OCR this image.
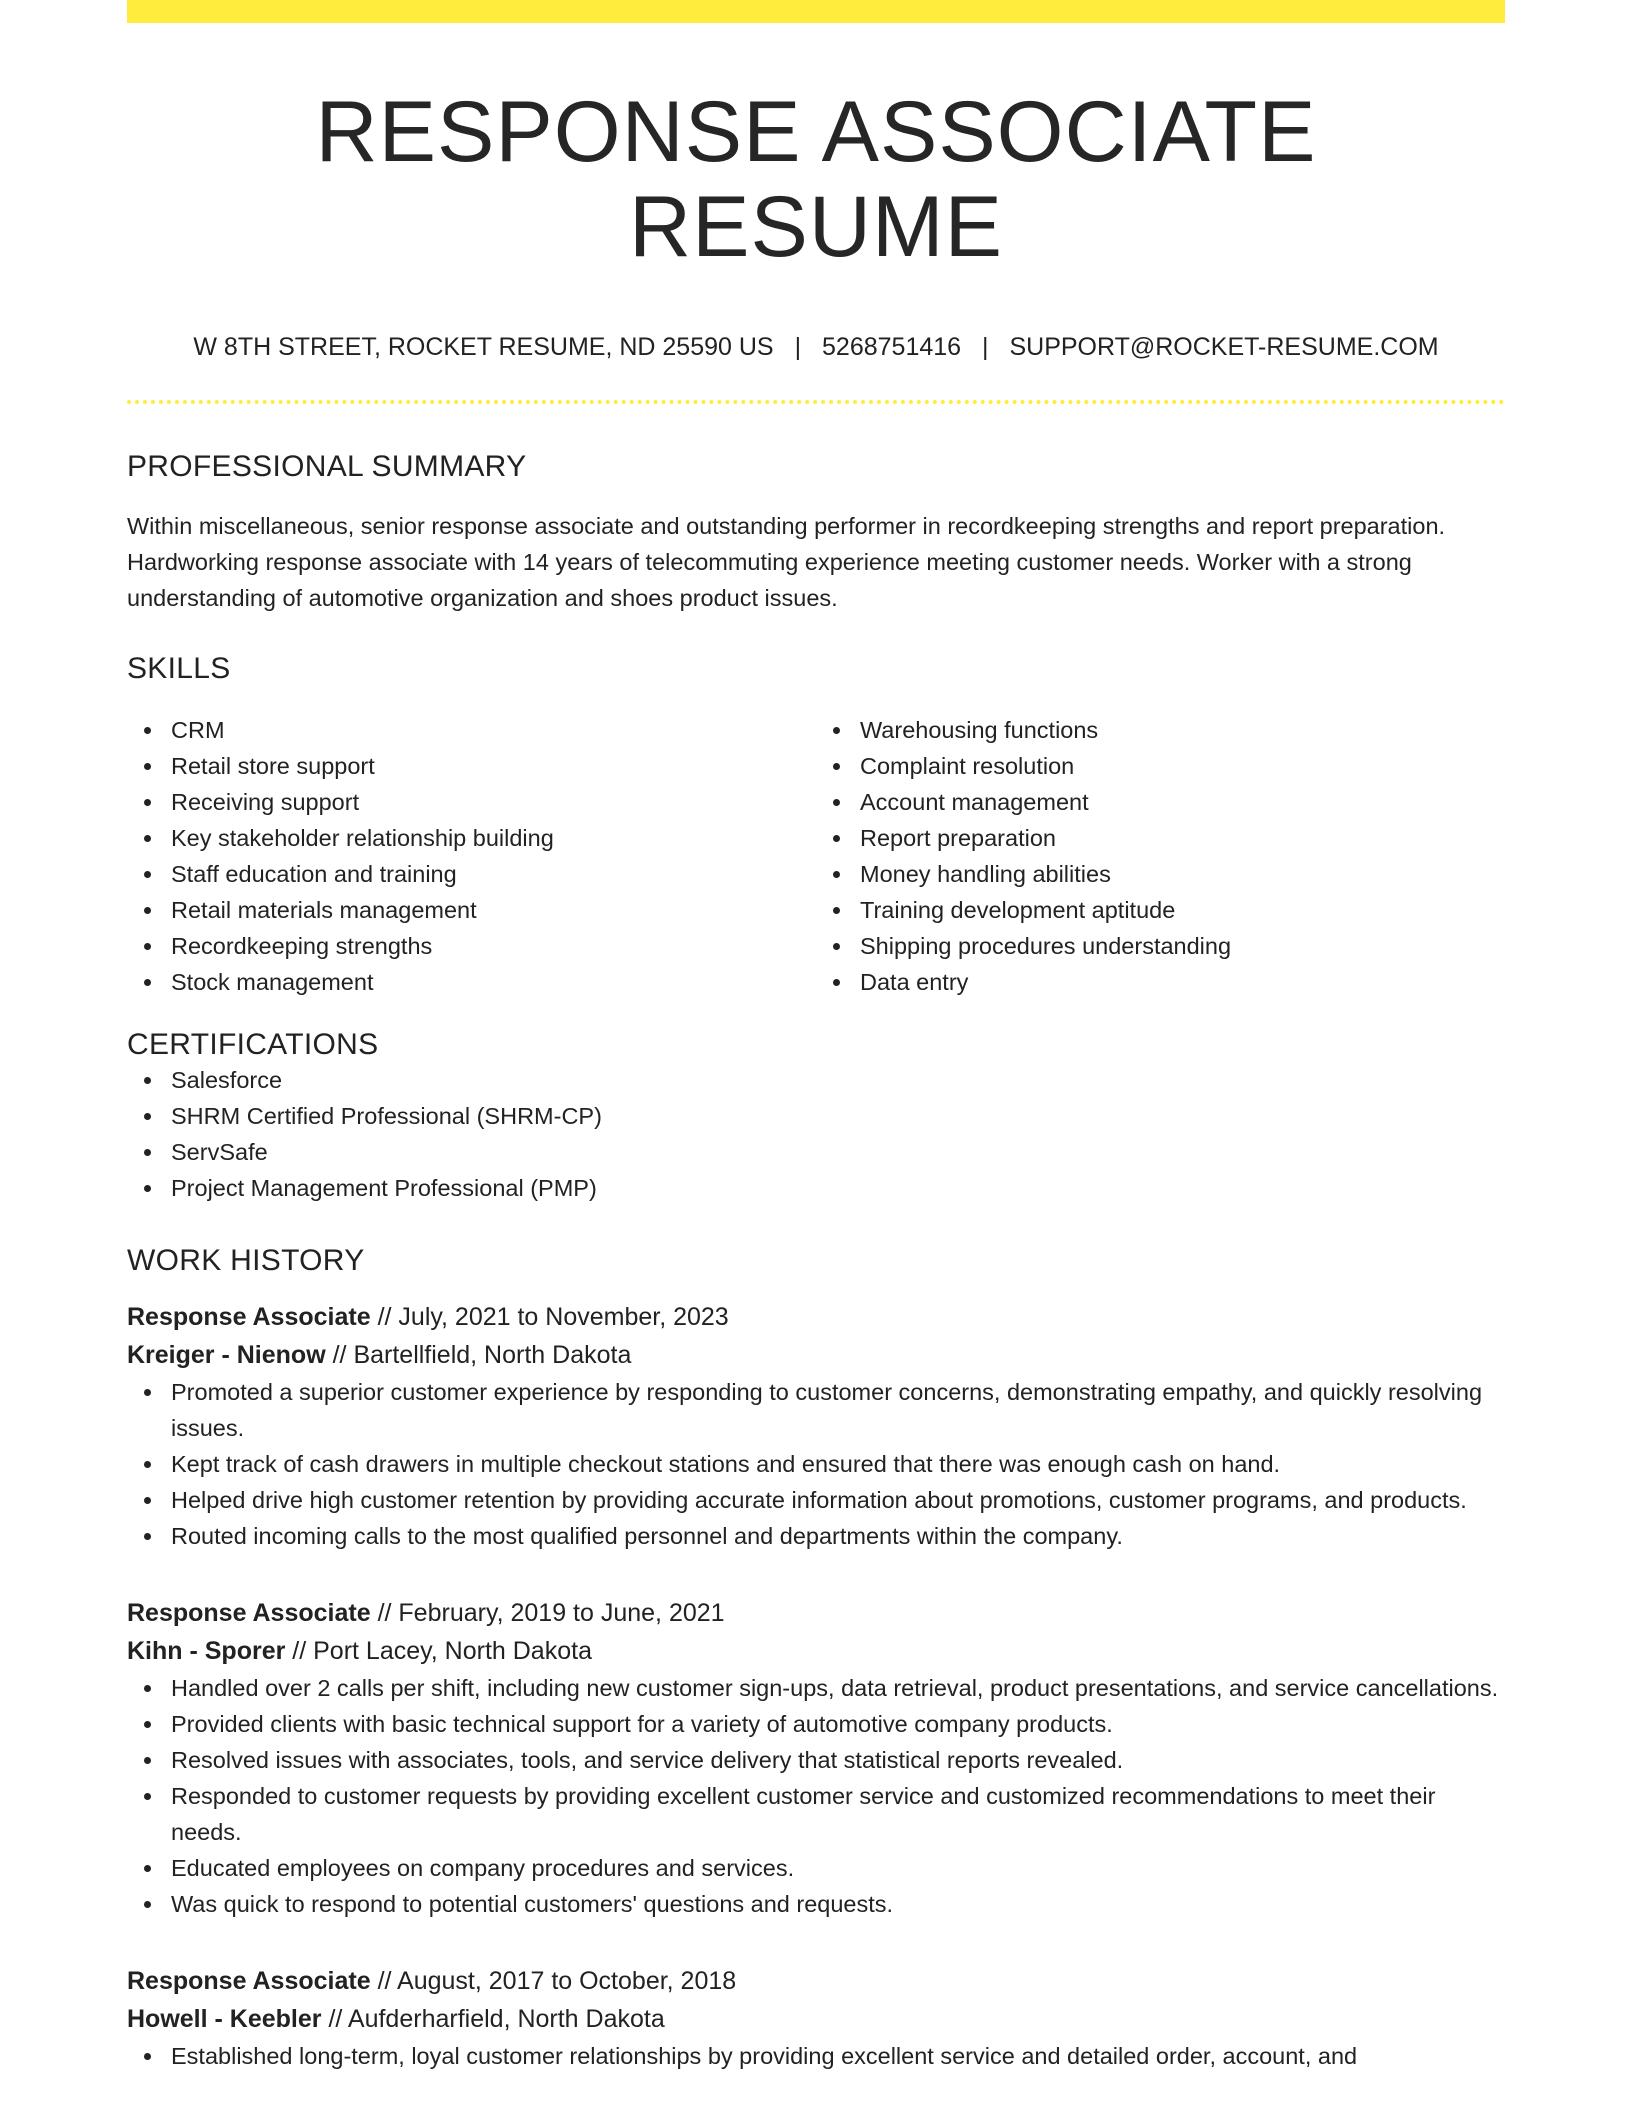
RESPONSE ASSOCIATE RESUME
W 8TH STREET, ROCKET RESUME, ND 25590 US | 5268751416 | SUPPORT@ROCKET-RESUME.COM
PROFESSIONAL SUMMARY

Within miscellaneous, senior response associate and outstanding performer in recordkeeping strengths and report preparation. Hardworking response associate with 14 years of telecommuting experience meeting customer needs. Worker with a strong understanding of automotive organization and shoes product issues.

SKILLS
CRM
Retail store support
Receiving support
Key stakeholder relationship building
Staff education and training
Retail materials management
Recordkeeping strengths
Stock management
Warehousing functions
Complaint resolution
Account management
Report preparation
Money handling abilities
Training development aptitude
Shipping procedures understanding
Data entry
CERTIFICATIONS
Salesforce
SHRM Certified Professional (SHRM-CP)
ServSafe
Project Management Professional (PMP)
WORK HISTORY
Response Associate // July, 2021 to November, 2023
Kreiger - Nienow // Bartellfield, North Dakota
Promoted a superior customer experience by responding to customer concerns, demonstrating empathy, and quickly resolving issues.
Kept track of cash drawers in multiple checkout stations and ensured that there was enough cash on hand.
Helped drive high customer retention by providing accurate information about promotions, customer programs, and products.
Routed incoming calls to the most qualified personnel and departments within the company.
Response Associate // February, 2019 to June, 2021
Kihn - Sporer // Port Lacey, North Dakota
Handled over 2 calls per shift, including new customer sign-ups, data retrieval, product presentations, and service cancellations.
Provided clients with basic technical support for a variety of automotive company products.
Resolved issues with associates, tools, and service delivery that statistical reports revealed.
Responded to customer requests by providing excellent customer service and customized recommendations to meet their needs.
Educated employees on company procedures and services.
Was quick to respond to potential customers' questions and requests.
Response Associate // August, 2017 to October, 2018
Howell - Keebler // Aufderharfield, North Dakota
Established long-term, loyal customer relationships by providing excellent service and detailed order, account, and
